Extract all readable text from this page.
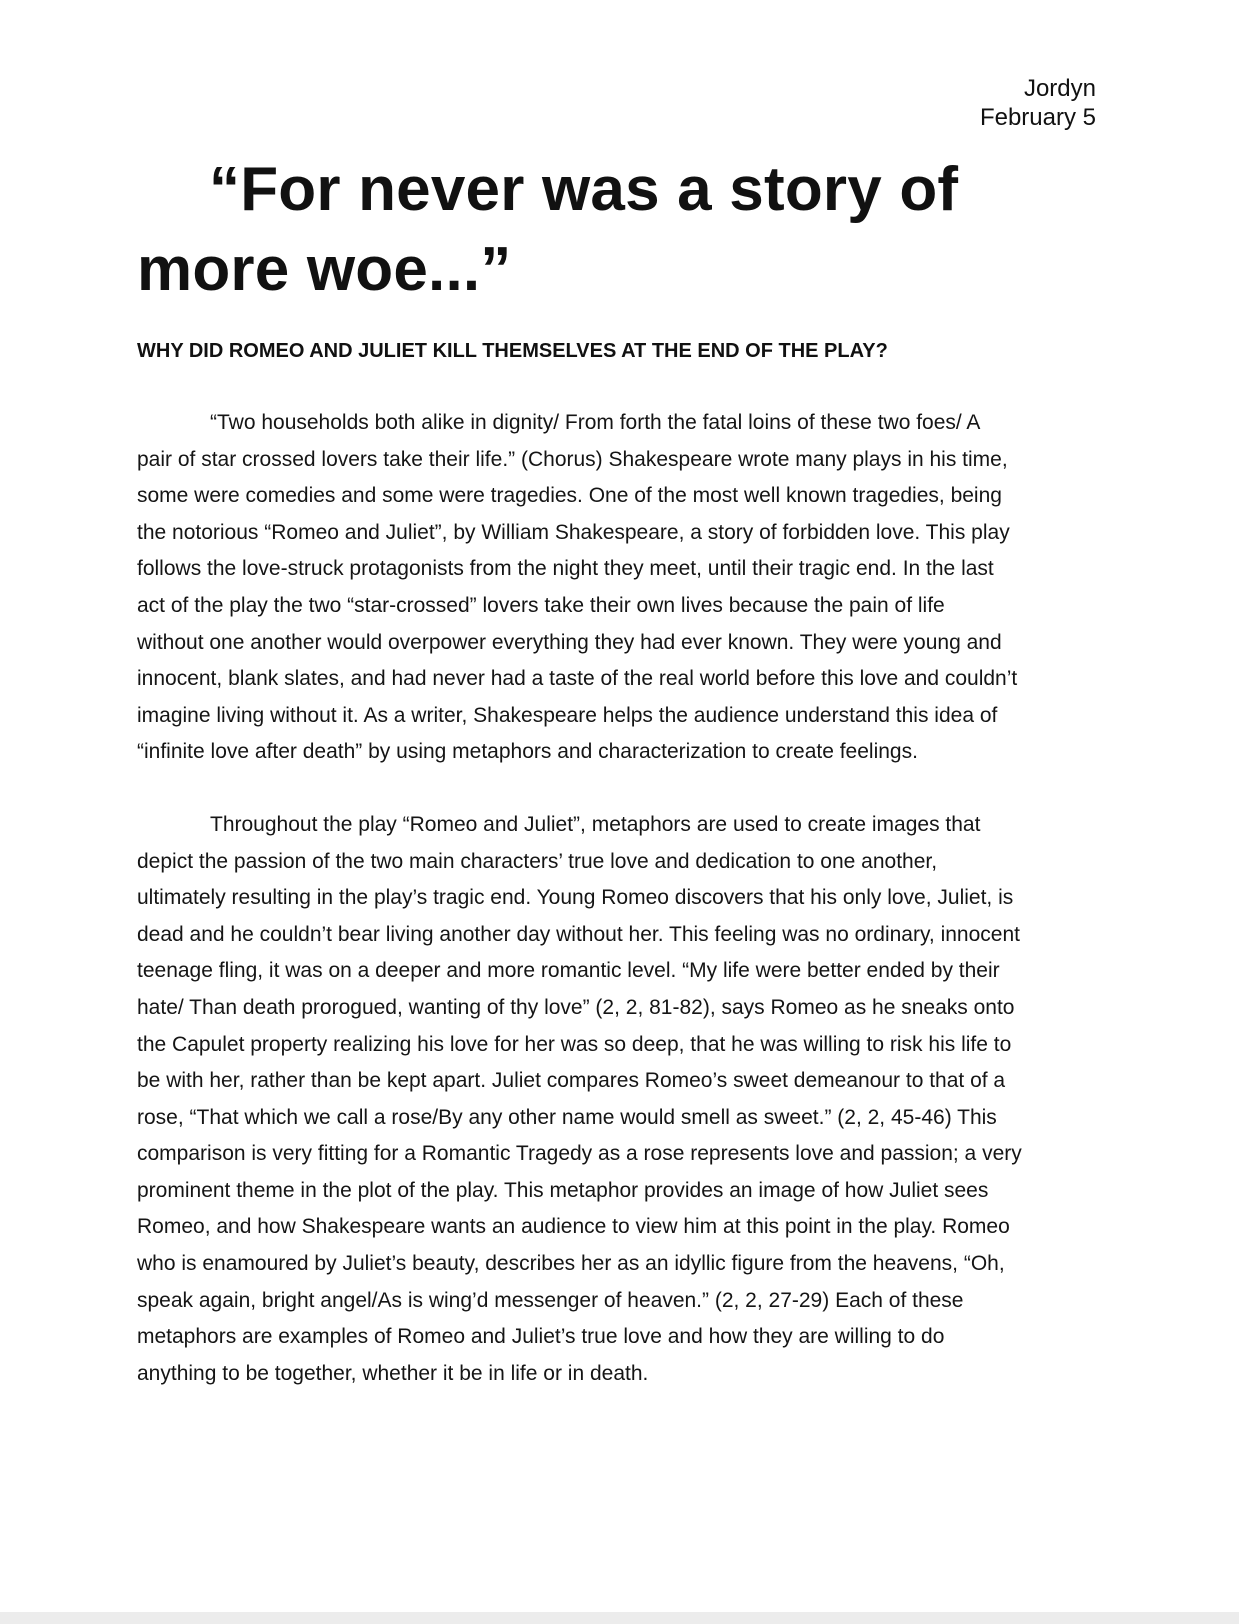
Jordyn
February 5
“For never was a story of more woe...”
WHY DID ROMEO AND JULIET KILL THEMSELVES AT THE END OF THE PLAY?

“Two households both alike in dignity/ From forth the fatal loins of these two foes/ A
pair of star crossed lovers take their life.” (Chorus) Shakespeare wrote many plays in his time,
some were comedies and some were tragedies. One of the most well known tragedies, being
the notorious “Romeo and Juliet”, by William Shakespeare, a story of forbidden love. This play
follows the love-struck protagonists from the night they meet, until their tragic end. In the last
act of the play the two “star-crossed” lovers take their own lives because the pain of life
without one another would overpower everything they had ever known. They were young and
innocent, blank slates, and had never had a taste of the real world before this love and couldn’t
imagine living without it. As a writer, Shakespeare helps the audience understand this idea of
“infinite love after death” by using metaphors and characterization to create feelings.

Throughout the play “Romeo and Juliet”, metaphors are used to create images that
depict the passion of the two main characters’ true love and dedication to one another,
ultimately resulting in the play’s tragic end. Young Romeo discovers that his only love, Juliet, is
dead and he couldn’t bear living another day without her. This feeling was no ordinary, innocent
teenage fling, it was on a deeper and more romantic level. “My life were better ended by their
hate/ Than death prorogued, wanting of thy love” (2, 2, 81-82), says Romeo as he sneaks onto
the Capulet property realizing his love for her was so deep, that he was willing to risk his life to
be with her, rather than be kept apart. Juliet compares Romeo’s sweet demeanour to that of a
rose, “That which we call a rose/By any other name would smell as sweet.” (2, 2, 45-46) This
comparison is very fitting for a Romantic Tragedy as a rose represents love and passion; a very
prominent theme in the plot of the play. This metaphor provides an image of how Juliet sees
Romeo, and how Shakespeare wants an audience to view him at this point in the play. Romeo
who is enamoured by Juliet’s beauty, describes her as an idyllic figure from the heavens, “Oh,
speak again, bright angel/As is wing’d messenger of heaven.” (2, 2, 27-29) Each of these
metaphors are examples of Romeo and Juliet’s true love and how they are willing to do
anything to be together, whether it be in life or in death.
